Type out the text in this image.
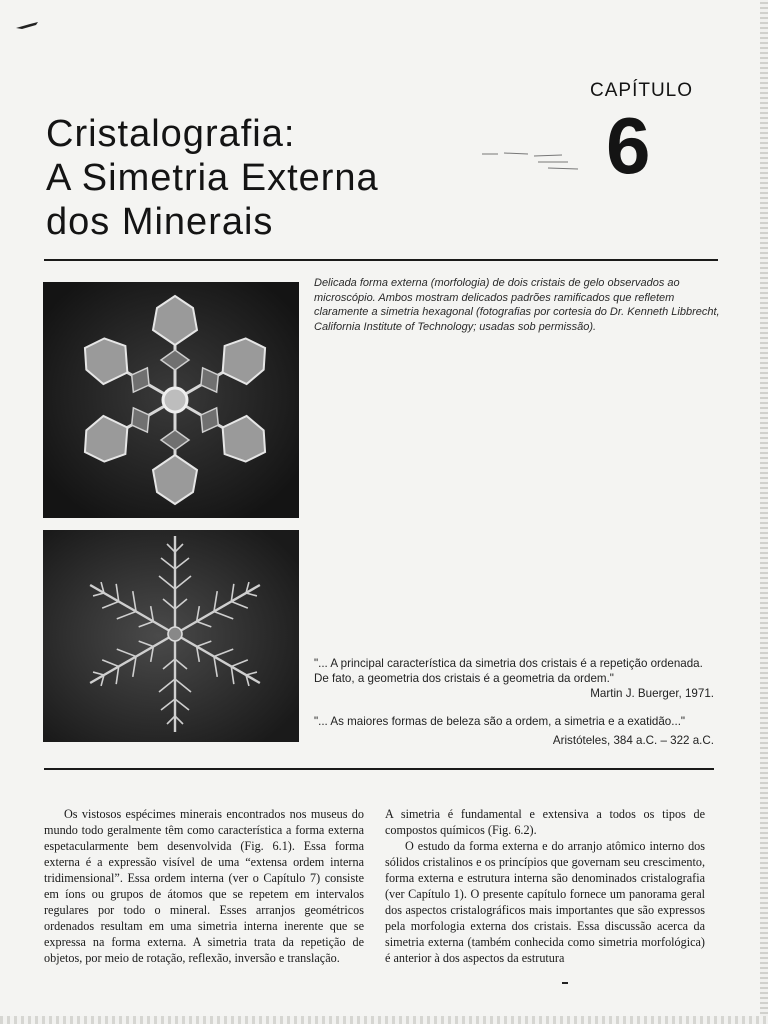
CAPÍTULO
6
Cristalografia:
A Simetria Externa
dos Minerais
Delicada forma externa (morfologia) de dois cristais de gelo observados ao microscópio. Ambos mostram delicados padrões ramificados que refletem claramente a simetria hexagonal (fotografias por cortesia do Dr. Kenneth Libbrecht, California Institute of Technology; usadas sob permissão).
"... A principal característica da simetria dos cristais é a repetição ordenada. De fato, a geometria dos cristais é a geometria da ordem."
Martin J. Buerger, 1971.
"... As maiores formas de beleza são a ordem, a simetria e a exatidão..."
Aristóteles, 384 a.C. – 322 a.C.

Os vistosos espécimes minerais encontrados nos museus do mundo todo geralmente têm como característica a forma externa espetacularmente bem desenvolvida (Fig. 6.1). Essa forma externa é a expressão visível de uma “extensa ordem interna tridimensional”. Essa ordem interna (ver o Capítulo 7) consiste em íons ou grupos de átomos que se repetem em intervalos regulares por todo o mineral. Esses arranjos geométricos ordenados resultam em uma simetria interna inerente que se expressa na forma externa. A simetria trata da repetição de objetos, por meio de rotação, reflexão, inversão e translação.

A simetria é fundamental e extensiva a todos os tipos de compostos químicos (Fig. 6.2).

O estudo da forma externa e do arranjo atômico interno dos sólidos cristalinos e os princípios que governam seu crescimento, forma externa e estrutura interna são denominados cristalografia (ver Capítulo 1). O presente capítulo fornece um panorama geral dos aspectos cristalográficos mais importantes que são expressos pela morfologia externa dos cristais. Essa discussão acerca da simetria externa (também conhecida como simetria morfológica) é anterior à dos aspectos da estrutura
